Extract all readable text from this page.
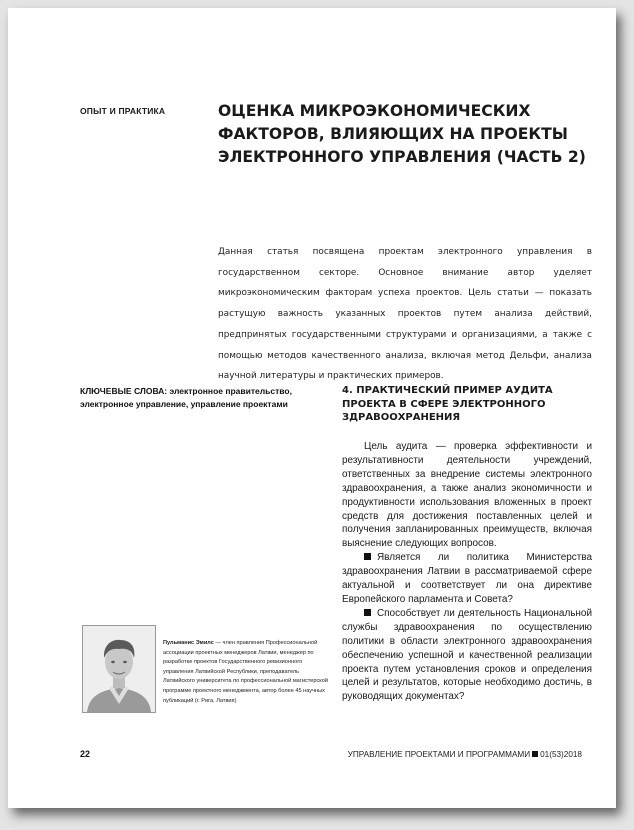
ОПЫТ И ПРАКТИКА	ОЦЕНКА МИКРОЭКОНОМИЧЕСКИХ ФАКТОРОВ, ВЛИЯЮЩИХ НА ПРОЕКТЫ ЭЛЕКТРОННОГО УПРАВЛЕНИЯ (ЧАСТЬ 2)
Данная статья посвящена проектам электронного управления в государственном секторе. Основное внимание автор уделяет микроэкономическим факторам успеха проектов. Цель статьи — показать растущую важность указанных проектов путем анализа действий, предпринятых государственными структурами и организациями, а также с помощью методов качественного анализа, включая метод Дельфи, анализа научной литературы и практических примеров.
КЛЮЧЕВЫЕ СЛОВА: электронное правительство, электронное управление, управление проектами
4. ПРАКТИЧЕСКИЙ ПРИМЕР АУДИТА ПРОЕКТА В СФЕРЕ ЭЛЕКТРОННОГО ЗДРАВООХРАНЕНИЯ

Цель аудита — проверка эффективности и результативности деятельности учреждений, ответственных за внедрение системы электронного здравоохранения, а также анализ экономичности и продуктивности использования вложенных в проект средств для достижения поставленных целей и получения запланированных преимуществ, включая выяснение следующих вопросов.

Является ли политика Министерства здравоохранения Латвии в рассматриваемой сфере актуальной и соответствует ли она директиве Европейского парламента и Совета?

Способствует ли деятельность Национальной службы здравоохранения по осуществлению политики в области электронного здравоохранения обеспечению успешной и качественной реализации проекта путем установления сроков и определения целей и результатов, которые необходимо достичь, в руководящих документах?

Пульманис Эмилс — член правления Профессиональной ассоциации проектных менеджеров Латвии, менеджер по разработке проектов Государственного ревизионного управления Латвийской Республики, преподаватель Латвийского университета по профессиональной магистерской программе проектного менеджмента, автор более 45 научных публикаций (г. Рига, Латвия)
22	УПРАВЛЕНИЕ ПРОЕКТАМИ И ПРОГРАММАМИ 01(53)2018
